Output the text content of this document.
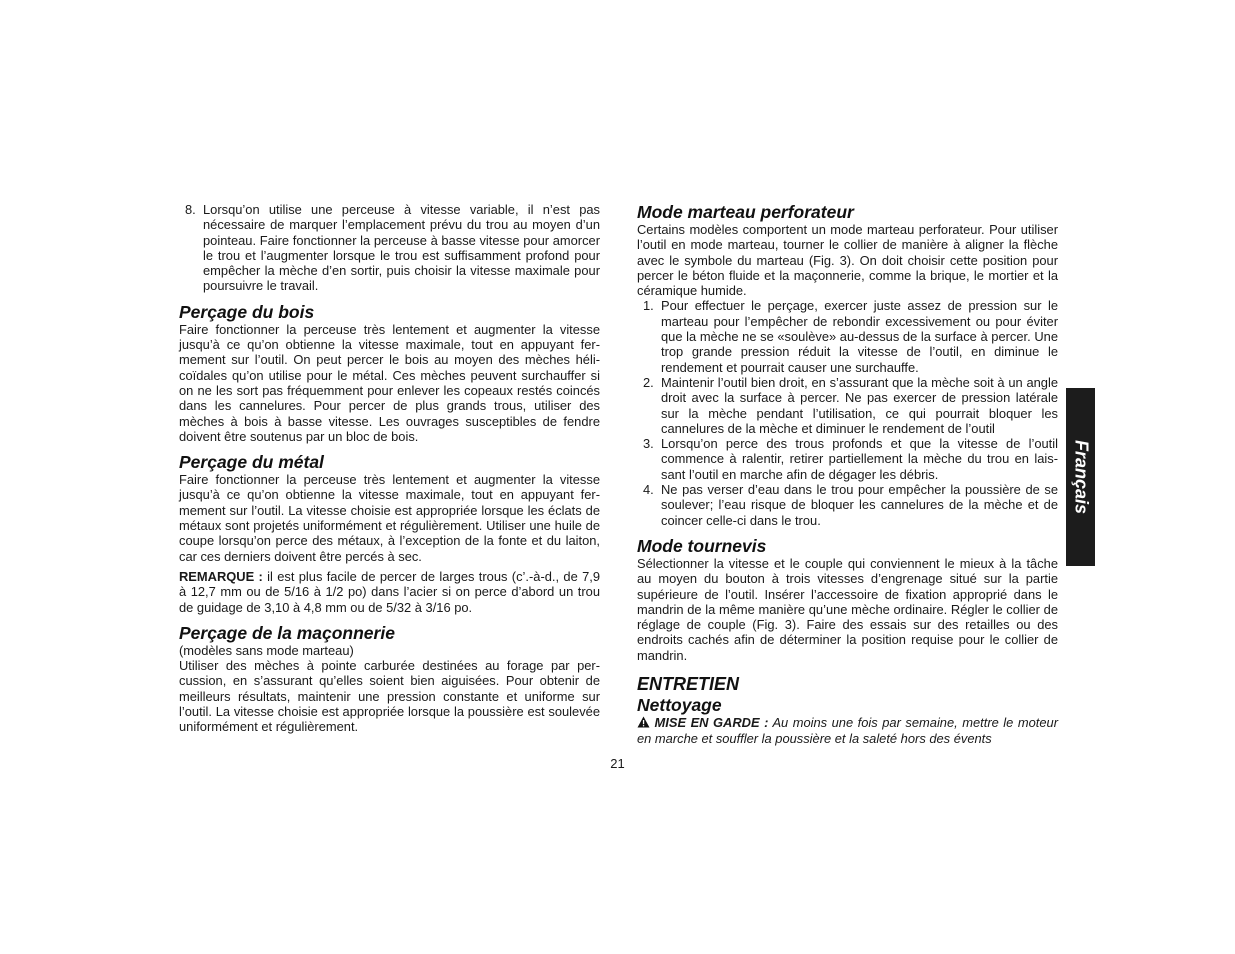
8. Lorsqu’on utilise une perceuse à vitesse variable, il n’est pas nécessaire de marquer l’emplacement prévu du trou au moyen d’un pointeau. Faire fonctionner la perceuse à basse vitesse pour amorcer le trou et l’augmenter lorsque le trou est suffisamment profond pour empêcher la mèche d’en sortir, puis choisir la vitesse maximale pour poursuivre le travail.
Perçage du bois

Faire fonctionner la perceuse très lentement et augmenter la vitesse jusqu’à ce qu’on obtienne la vitesse maximale, tout en appuyant fermement sur l’outil. On peut percer le bois au moyen des mèches hélicoïdales qu’on utilise pour le métal. Ces mèches peuvent surchauffer si on ne les sort pas fréquemment pour enlever les copeaux restés coincés dans les cannelures. Pour percer de plus grands trous, utiliser des mèches à bois à basse vitesse. Les ouvrages susceptibles de fendre doivent être soutenus par un bloc de bois.

Perçage du métal

Faire fonctionner la perceuse très lentement et augmenter la vitesse jusqu’à ce qu’on obtienne la vitesse maximale, tout en appuyant fermement sur l’outil. La vitesse choisie est appropriée lorsque les éclats de métaux sont projetés uniformément et régulièrement. Utiliser une huile de coupe lorsqu’on perce des métaux, à l’exception de la fonte et du laiton, car ces derniers doivent être percés à sec.

REMARQUE : il est plus facile de percer de larges trous (c’.-à-d., de 7,9 à 12,7 mm ou de 5/16 à 1/2 po) dans l’acier si on perce d’abord un trou de guidage de 3,10 à 4,8 mm ou de 5/32 à 3/16 po.

Perçage de la maçonnerie

(modèles sans mode marteau)

Utiliser des mèches à pointe carburée destinées au forage par percussion, en s’assurant qu’elles soient bien aiguisées. Pour obtenir de meilleurs résultats, maintenir une pression constante et uniforme sur l’outil. La vitesse choisie est appropriée lorsque la poussière est soulevée uniformément et régulièrement.

Mode marteau perforateur

Certains modèles comportent un mode marteau perforateur. Pour utiliser l’outil en mode marteau, tourner le collier de manière à aligner la flèche avec le symbole du marteau (Fig. 3). On doit choisir cette position pour percer le béton fluide et la maçonnerie, comme la brique, le mortier et la céramique humide.

1. Pour effectuer le perçage, exercer juste assez de pression sur le marteau pour l’empêcher de rebondir excessivement ou pour éviter que la mèche ne se «soulève» au-dessus de la surface à percer. Une trop grande pression réduit la vitesse de l’outil, en diminue le rendement et pourrait causer une surchauffe.
2. Maintenir l’outil bien droit, en s’assurant que la mèche soit à un angle droit avec la surface à percer. Ne pas exercer de pression latérale sur la mèche pendant l’utilisation, ce qui pourrait bloquer les cannelures de la mèche et diminuer le rendement de l’outil
3. Lorsqu’on perce des trous profonds et que la vitesse de l’outil commence à ralentir, retirer partiellement la mèche du trou en laissant l’outil en marche afin de dégager les débris.
4. Ne pas verser d’eau dans le trou pour empêcher la poussière de se soulever; l’eau risque de bloquer les cannelures de la mèche et de coincer celle-ci dans le trou.
Mode tournevis

Sélectionner la vitesse et le couple qui conviennent le mieux à la tâche au moyen du bouton à trois vitesses d’engrenage situé sur la partie supérieure de l’outil. Insérer l’accessoire de fixation approprié dans le mandrin de la même manière qu’une mèche ordinaire. Régler le collier de réglage de couple (Fig. 3). Faire des essais sur des retailles ou des endroits cachés afin de déterminer la position requise pour le collier de mandrin.

ENTRETIEN
Nettoyage

MISE EN GARDE : Au moins une fois par semaine, mettre le moteur en marche et souffler la poussière et la saleté hors des évents

21
Français
